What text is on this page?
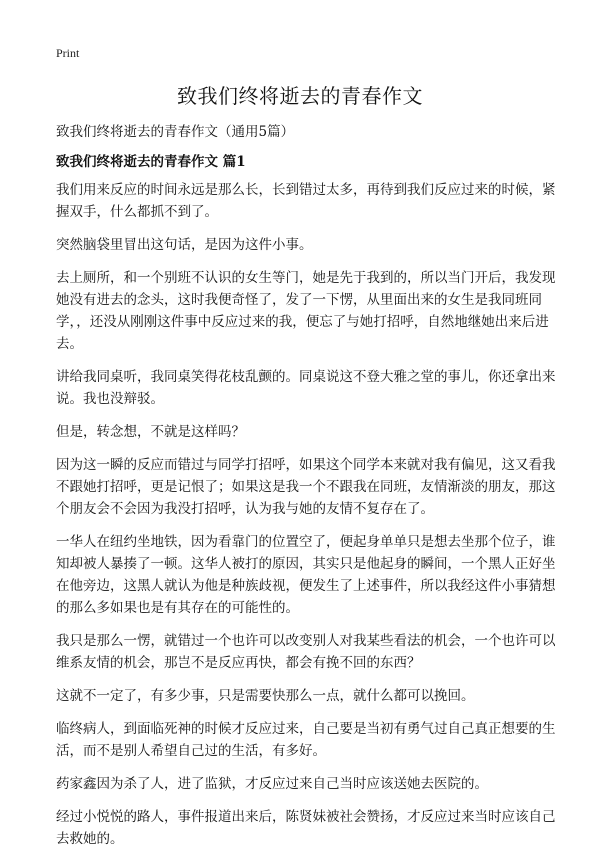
Print
致我们终将逝去的青春作文

致我们终将逝去的青春作文（通用5篇）

致我们终将逝去的青春作文 篇1

我们用来反应的时间永远是那么长，长到错过太多，再待到我们反应过来的时候，紧握双手，什么都抓不到了。

突然脑袋里冒出这句话，是因为这件小事。

去上厕所，和一个别班不认识的女生等门，她是先于我到的，所以当门开后，我发现她没有进去的念头，这时我便奇怪了，发了一下愣，从里面出来的女生是我同班同学，，还没从刚刚这件事中反应过来的我，便忘了与她打招呼，自然地继她出来后进去。

讲给我同桌听，我同桌笑得花枝乱颤的。同桌说这不登大雅之堂的事儿，你还拿出来说。我也没辩驳。

但是，转念想，不就是这样吗？

因为这一瞬的反应而错过与同学打招呼，如果这个同学本来就对我有偏见，这又看我不跟她打招呼，更是记恨了；如果这是我一个不跟我在同班，友情渐淡的朋友，那这个朋友会不会因为我没打招呼，认为我与她的友情不复存在了。

一华人在纽约坐地铁，因为看靠门的位置空了，便起身单单只是想去坐那个位子，谁知却被人暴揍了一顿。这华人被打的原因，其实只是他起身的瞬间，一个黑人正好坐在他旁边，这黑人就认为他是种族歧视，便发生了上述事件，所以我经这件小事猜想的那么多如果也是有其存在的可能性的。

我只是那么一愣，就错过一个也许可以改变别人对我某些看法的机会，一个也许可以维系友情的机会，那岂不是反应再快，都会有挽不回的东西？

这就不一定了，有多少事，只是需要快那么一点，就什么都可以挽回。

临终病人，到面临死神的时候才反应过来，自己要是当初有勇气过自己真正想要的生活，而不是别人希望自己过的生活，有多好。

药家鑫因为杀了人，进了监狱，才反应过来自己当时应该送她去医院的。

经过小悦悦的路人，事件报道出来后，陈贤妹被社会赞扬，才反应过来当时应该自己去救她的。
